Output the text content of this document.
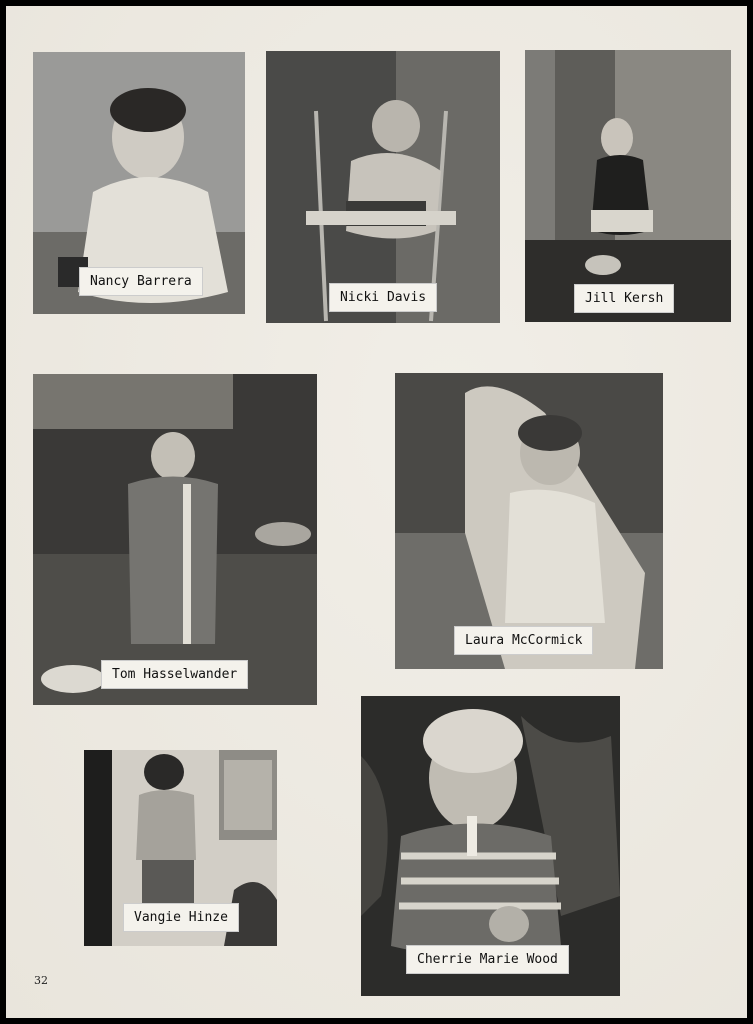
Nancy Barrera
Nicki Davis	Jill Kersh
Tom Hasselwander
Laura McCormick
Vangie Hinze
Cherrie Marie Wood
32
